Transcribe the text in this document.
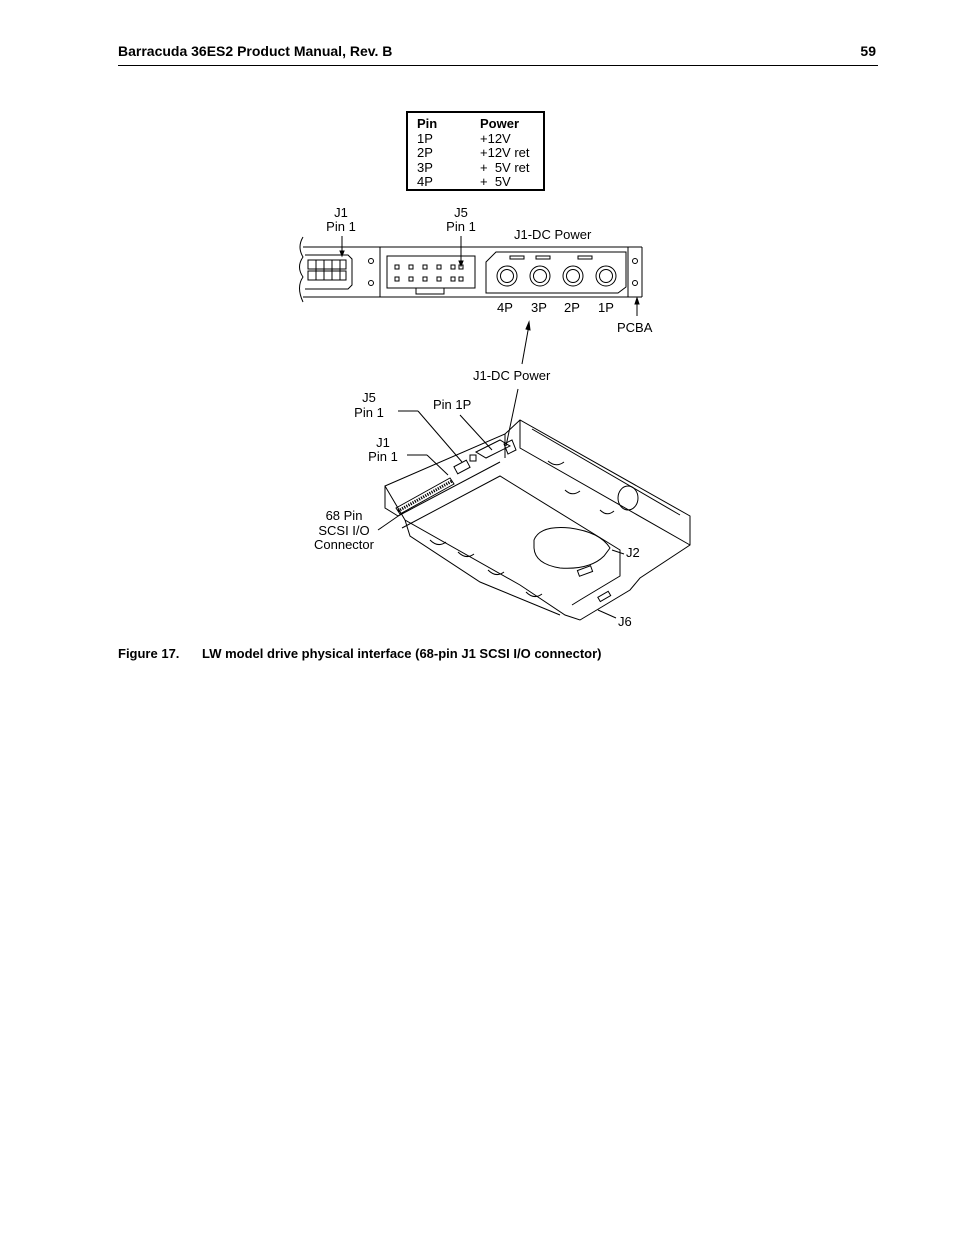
Barracuda 36ES2 Product Manual, Rev. B	59
Pin
1P
2P
3P
4P
Power
+12V
+12V ret
+  5V ret
+  5V
J1
Pin 1
J5
Pin 1
J1-DC Power
4P 3P 2P 1P
PCBA
J1-DC Power
J5
Pin 1
Pin 1P
J1
Pin 1
68 Pin
SCSI I/O
Connector
J2
J6
Figure 17. LW model drive physical interface (68-pin J1 SCSI I/O connector)
